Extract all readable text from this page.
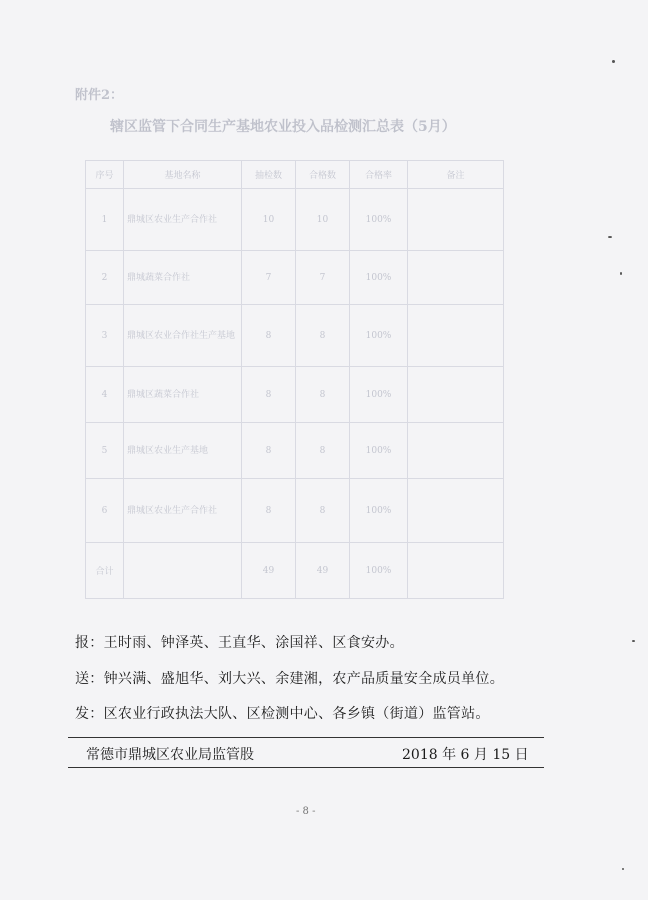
附件2：
辖区监管下合同生产基地农业投入品检测汇总表（5月）
序号	基地名称	抽检数	合格数	合格率	备注
1	鼎城区农业生产合作社	10	10	100%	
2	鼎城蔬菜合作社	7	7	100%	
3	鼎城区农业合作社生产基地	8	8	100%	
4	鼎城区蔬菜合作社	8	8	100%	
5	鼎城区农业生产基地	8	8	100%	
6	鼎城区农业生产合作社	8	8	100%	
合计		49	49	100%	
报：王时雨、钟泽英、王直华、涂国祥、区食安办。
送：钟兴满、盛旭华、刘大兴、余建湘，农产品质量安全成员单位。
发：区农业行政执法大队、区检测中心、各乡镇（街道）监管站。
常德市鼎城区农业局监管股	2018 年 6 月 15 日
- 8 -
